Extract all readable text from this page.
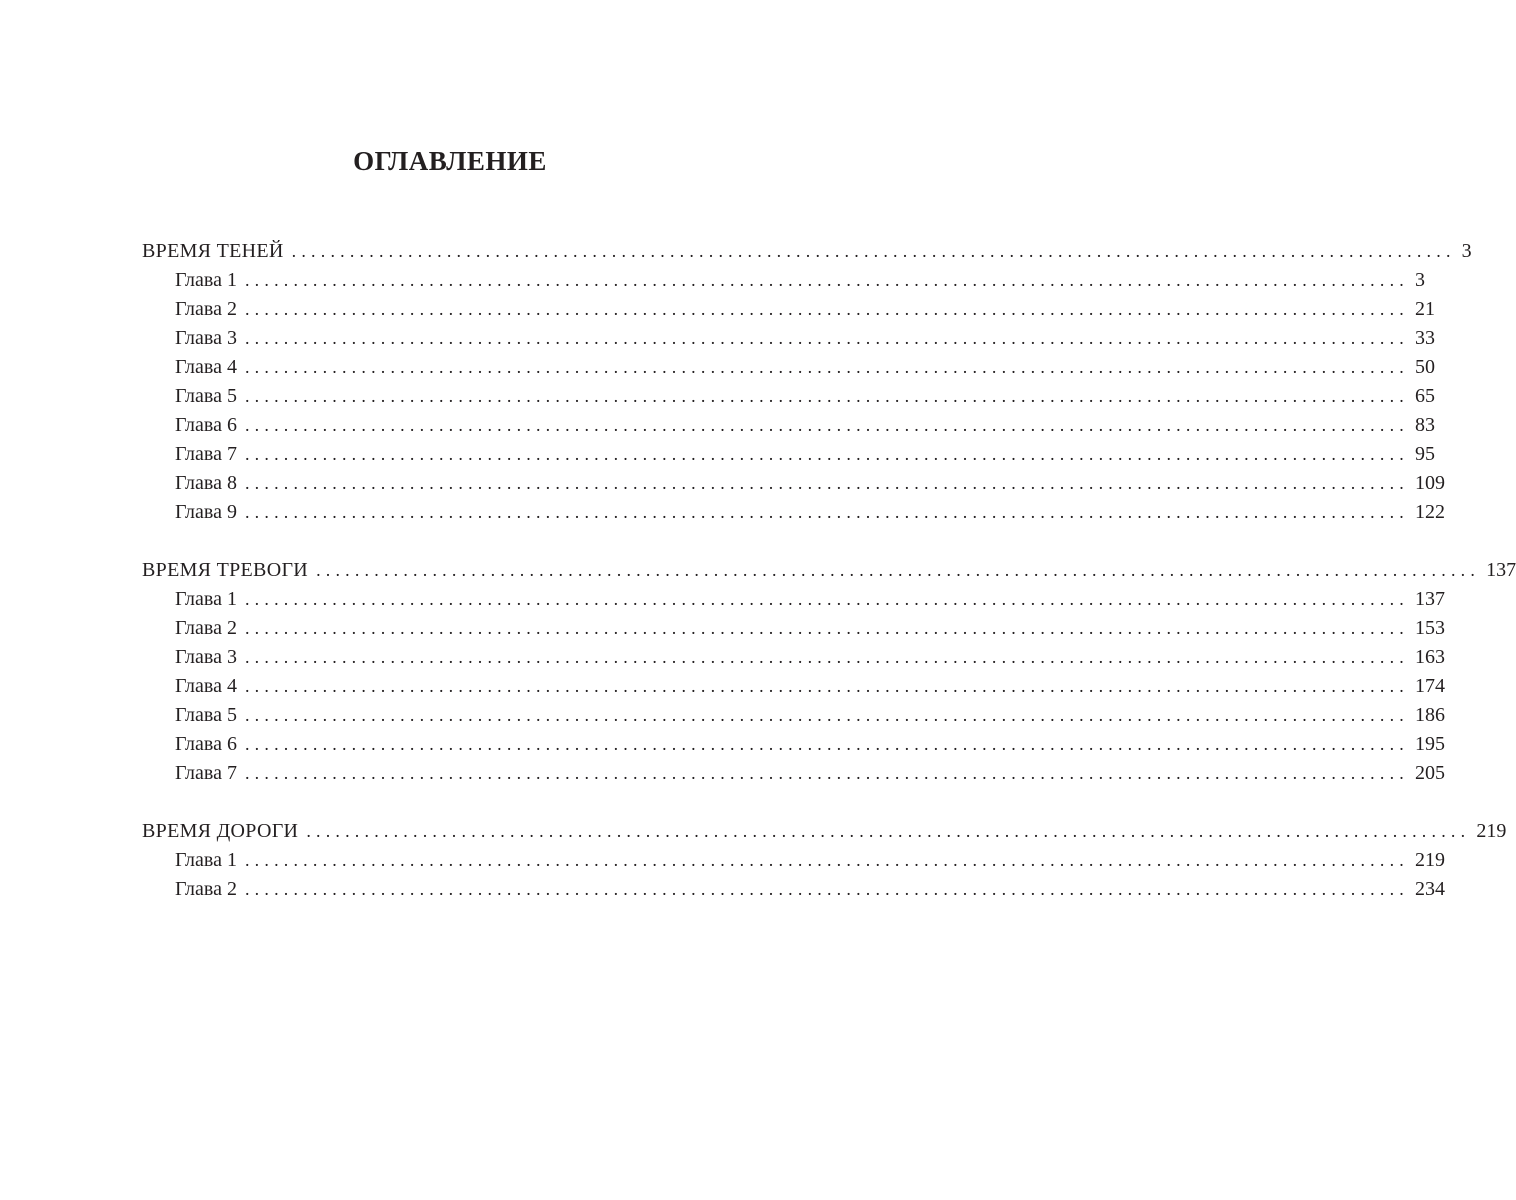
ОГЛАВЛЕНИЕ
ВРЕМЯ ТЕНЕЙ ........................................................................................................................ 3
Глава 1 ........................................................................................................................ 3
Глава 2 ........................................................................................................................ 21
Глава 3 ........................................................................................................................ 33
Глава 4 ........................................................................................................................ 50
Глава 5 ........................................................................................................................ 65
Глава 6 ........................................................................................................................ 83
Глава 7 ........................................................................................................................ 95
Глава 8 ........................................................................................................................ 109
Глава 9 ........................................................................................................................ 122
ВРЕМЯ ТРЕВОГИ ........................................................................................................................ 137
Глава 1 ........................................................................................................................ 137
Глава 2 ........................................................................................................................ 153
Глава 3 ........................................................................................................................ 163
Глава 4 ........................................................................................................................ 174
Глава 5 ........................................................................................................................ 186
Глава 6 ........................................................................................................................ 195
Глава 7 ........................................................................................................................ 205
ВРЕМЯ ДОРОГИ ........................................................................................................................ 219
Глава 1 ........................................................................................................................ 219
Глава 2 ........................................................................................................................ 234
